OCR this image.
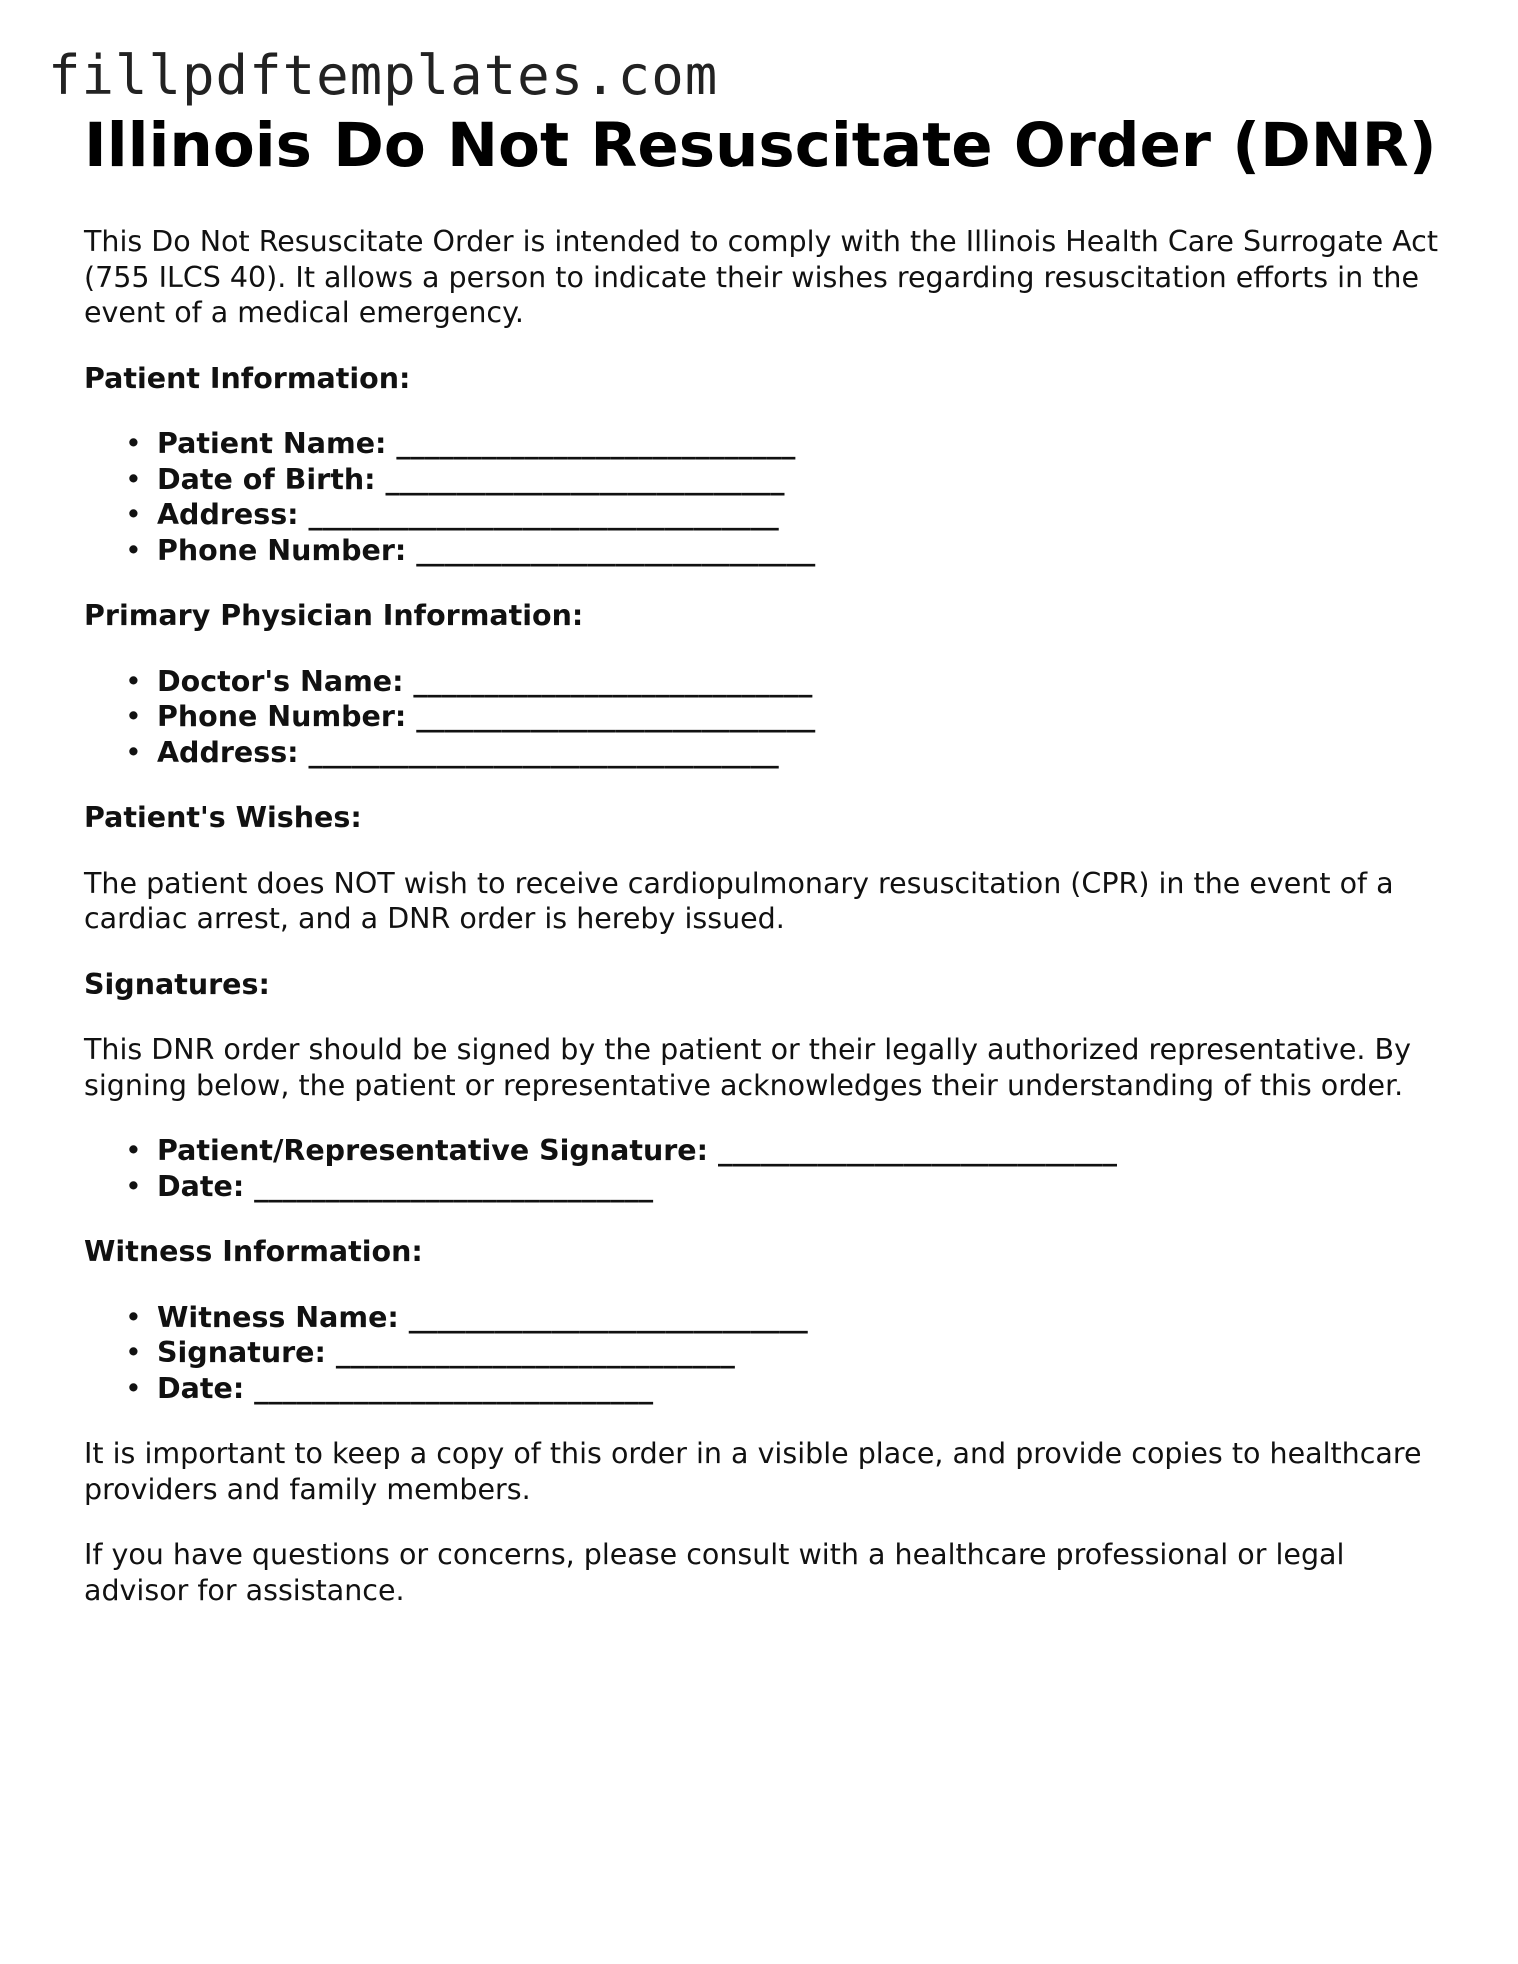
fillpdftemplates.com
Illinois Do Not Resuscitate Order (DNR)

This Do Not Resuscitate Order is intended to comply with the Illinois Health Care Surrogate Act (755 ILCS 40). It allows a person to indicate their wishes regarding resuscitation efforts in the event of a medical emergency.

Patient Information:
• Patient Name: ____________________________
• Date of Birth: ____________________________
• Address: _________________________________
• Phone Number: ____________________________
Primary Physician Information:
• Doctor's Name: ____________________________
• Phone Number: ____________________________
• Address: _________________________________
Patient's Wishes:

The patient does NOT wish to receive cardiopulmonary resuscitation (CPR) in the event of a cardiac arrest, and a DNR order is hereby issued.

Signatures:

This DNR order should be signed by the patient or their legally authorized representative. By signing below, the patient or representative acknowledges their understanding of this order.

• Patient/Representative Signature: ____________________________
• Date: ____________________________
Witness Information:
• Witness Name: ____________________________
• Signature: ____________________________
• Date: ____________________________

It is important to keep a copy of this order in a visible place, and provide copies to healthcare providers and family members.

If you have questions or concerns, please consult with a healthcare professional or legal advisor for assistance.
